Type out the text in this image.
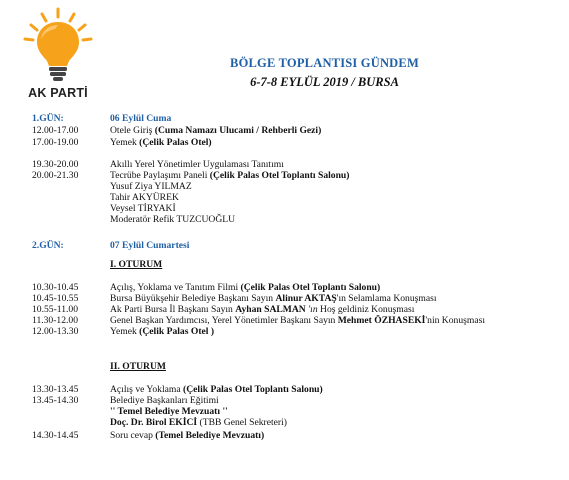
AK PARTİ
BÖLGE TOPLANTISI GÜNDEM
6-7-8 EYLÜL 2019 / BURSA
1.GÜN:	06 Eylül Cuma
12.00-17.00	Otele Giriş (Cuma Namazı Ulucami / Rehberli Gezi)
17.00-19.00	Yemek (Çelik Palas Otel)
19.30-20.00	Akıllı Yerel Yönetimler Uygulaması Tanıtımı
20.00-21.30	Tecrübe Paylaşımı Paneli (Çelik Palas Otel Toplantı Salonu)
Yusuf Ziya YILMAZ
Tahir AKYÜREK
Veysel TİRYAKİ
Moderatör Refik TUZCUOĞLU
2.GÜN:	07 Eylül Cumartesi
I. OTURUM
10.30-10.45	Açılış, Yoklama ve Tanıtım Filmi (Çelik Palas Otel Toplantı Salonu)
10.45-10.55	Bursa Büyükşehir Belediye Başkanı Sayın Alinur AKTAŞ'ın Selamlama Konuşması
10.55-11.00	Ak Parti Bursa İl Başkanı Sayın Ayhan SALMAN 'ın Hoş geldiniz Konuşması
11.30-12.00	Genel Başkan Yardımcısı, Yerel Yönetimler Başkanı Sayın Mehmet ÖZHASEKİ'nin Konuşması
12.00-13.30	Yemek (Çelik Palas Otel )
II. OTURUM
13.30-13.45	Açılış ve Yoklama (Çelik Palas Otel Toplantı Salonu)
13.45-14.30	Belediye Başkanları Eğitimi
'' Temel Belediye Mevzuatı ''
Doç. Dr. Birol EKİCİ (TBB Genel Sekreteri)
14.30-14.45	Soru cevap (Temel Belediye Mevzuatı)
